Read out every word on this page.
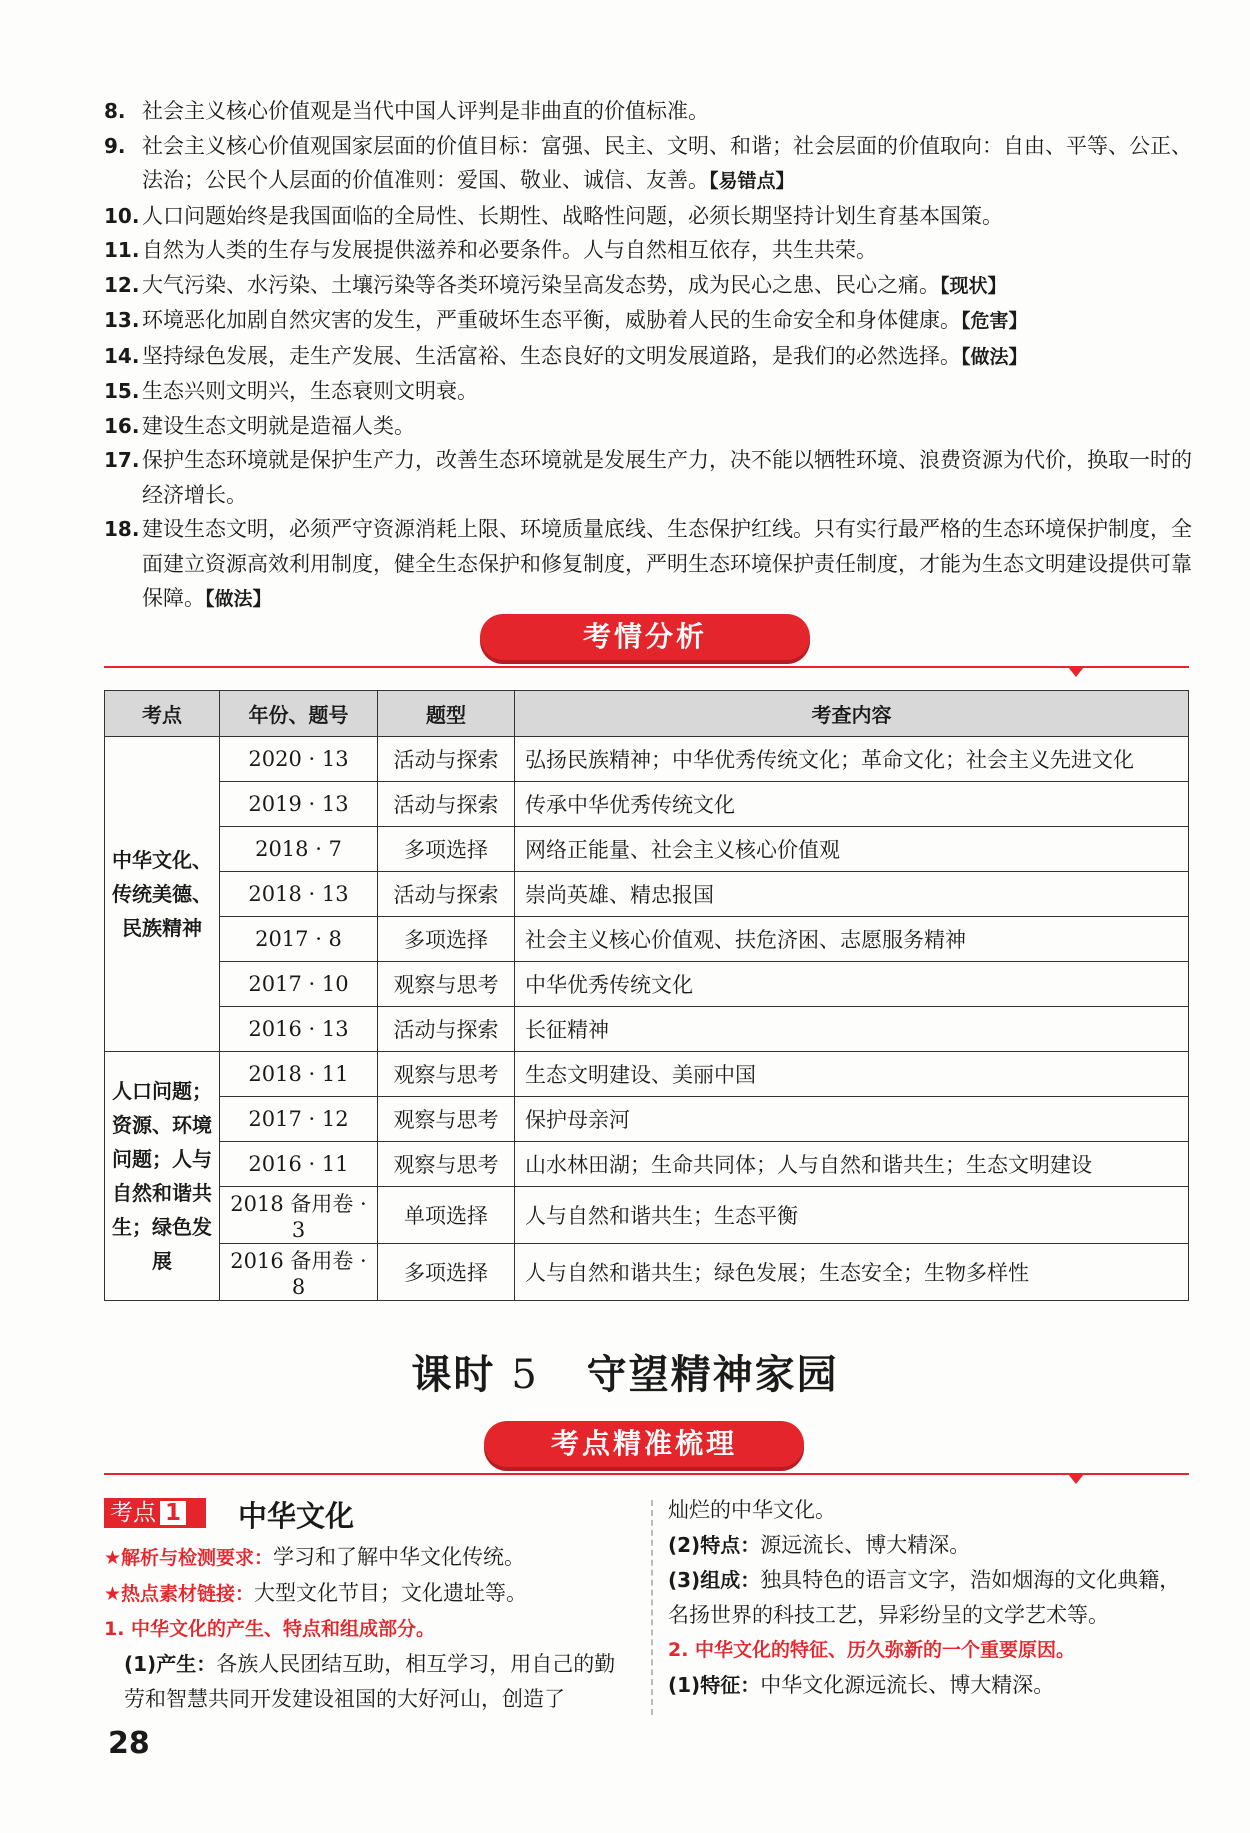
8. 社会主义核心价值观是当代中国人评判是非曲直的价值标准。
9. 社会主义核心价值观国家层面的价值目标：富强、民主、文明、和谐；社会层面的价值取向：自由、平等、公正、法治；公民个人层面的价值准则：爱国、敬业、诚信、友善。【易错点】
10. 人口问题始终是我国面临的全局性、长期性、战略性问题，必须长期坚持计划生育基本国策。
11. 自然为人类的生存与发展提供滋养和必要条件。人与自然相互依存，共生共荣。
12. 大气污染、水污染、土壤污染等各类环境污染呈高发态势，成为民心之患、民心之痛。【现状】
13. 环境恶化加剧自然灾害的发生，严重破坏生态平衡，威胁着人民的生命安全和身体健康。【危害】
14. 坚持绿色发展，走生产发展、生活富裕、生态良好的文明发展道路，是我们的必然选择。【做法】
15. 生态兴则文明兴，生态衰则文明衰。
16. 建设生态文明就是造福人类。
17. 保护生态环境就是保护生产力，改善生态环境就是发展生产力，决不能以牺牲环境、浪费资源为代价，换取一时的经济增长。
18. 建设生态文明，必须严守资源消耗上限、环境质量底线、生态保护红线。只有实行最严格的生态环境保护制度，全面建立资源高效利用制度，健全生态保护和修复制度，严明生态环境保护责任制度，才能为生态文明建设提供可靠保障。【做法】
考情分析
考点	年份、题号	题型	考查内容
中华文化、传统美德、民族精神	2020 · 13	活动与探索	弘扬民族精神；中华优秀传统文化；革命文化；社会主义先进文化
	2019 · 13	活动与探索	传承中华优秀传统文化
	2018 · 7	多项选择	网络正能量、社会主义核心价值观
	2018 · 13	活动与探索	崇尚英雄、精忠报国
	2017 · 8	多项选择	社会主义核心价值观、扶危济困、志愿服务精神
	2017 · 10	观察与思考	中华优秀传统文化
	2016 · 13	活动与探索	长征精神
人口问题；资源、环境问题；人与自然和谐共生；绿色发展	2018 · 11	观察与思考	生态文明建设、美丽中国
	2017 · 12	观察与思考	保护母亲河
	2016 · 11	观察与思考	山水林田湖；生命共同体；人与自然和谐共生；生态文明建设
	2018 备用卷 · 3	单项选择	人与自然和谐共生；生态平衡
	2016 备用卷 · 8	多项选择	人与自然和谐共生；绿色发展；生态安全；生物多样性
课时 5 守望精神家园
考点精准梳理
考点 1	中华文化
★解析与检测要求：学习和了解中华文化传统。
★热点素材链接：大型文化节目；文化遗址等。
1. 中华文化的产生、特点和组成部分。
(1)产生：各族人民团结互助，相互学习，用自己的勤劳和智慧共同开发建设祖国的大好河山，创造了
灿烂的中华文化。
(2)特点：源远流长、博大精深。
(3)组成：独具特色的语言文字，浩如烟海的文化典籍，名扬世界的科技工艺，异彩纷呈的文学艺术等。
2. 中华文化的特征、历久弥新的一个重要原因。
(1)特征：中华文化源远流长、博大精深。
28
